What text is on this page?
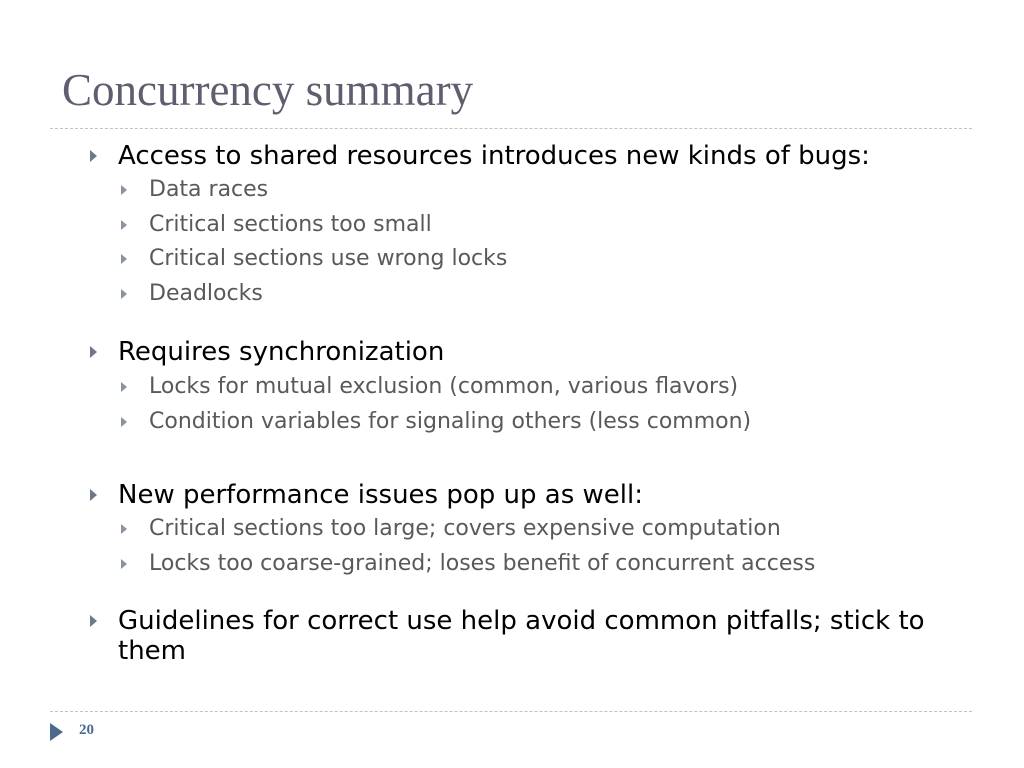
Concurrency summary
Access to shared resources introduces new kinds of bugs:
Data races
Critical sections too small
Critical sections use wrong locks
Deadlocks
Requires synchronization
Locks for mutual exclusion (common, various flavors)
Condition variables for signaling others (less common)
New performance issues pop up as well:
Critical sections too large; covers expensive computation
Locks too coarse-grained; loses benefit of concurrent access
Guidelines for correct use help avoid common pitfalls; stick to
them
20
